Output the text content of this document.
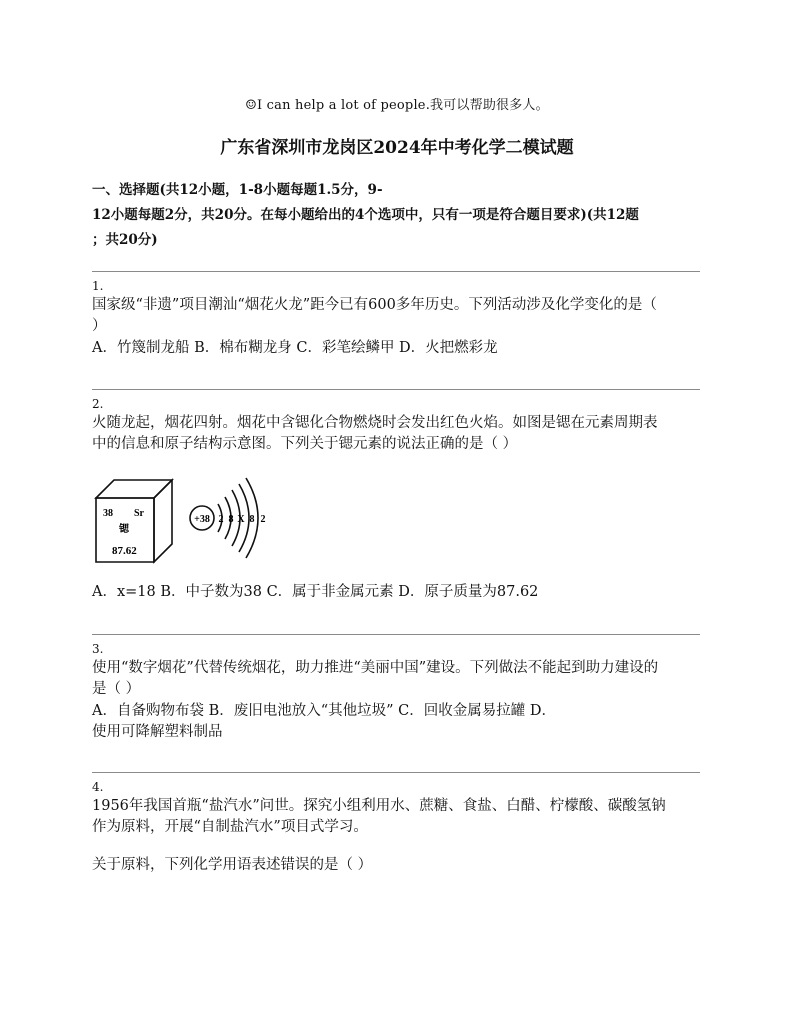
☺I can help a lot of people.我可以帮助很多人。
广东省深圳市龙岗区2024年中考化学二模试题
一、选择题(共12小题，1-8小题每题1.5分，9-
12小题每题2分，共20分。在每小题给出的4个选项中，只有一项是符合题目要求)(共12题
；共20分)
1.
国家级“非遗”项目潮汕“烟花火龙”距今已有600多年历史。下列活动涉及化学变化的是（
）
A．竹篾制龙船 B．棉布糊龙身 C．彩笔绘鳞甲 D．火把燃彩龙
2.
火随龙起，烟花四射。烟花中含锶化合物燃烧时会发出红色火焰。如图是锶在元素周期表
中的信息和原子结构示意图。下列关于锶元素的说法正确的是（ ）
38 Sr
锶
87.62
+38 2 8 X 8 2
A．x=18 B．中子数为38 C．属于非金属元素 D．原子质量为87.62
3.
使用“数字烟花”代替传统烟花，助力推进“美丽中国”建设。下列做法不能起到助力建设的
是（ ）
A．自备购物布袋 B．废旧电池放入“其他垃圾” C．回收金属易拉罐 D．
使用可降解塑料制品
4.
1956年我国首瓶“盐汽水”问世。探究小组利用水、蔗糖、食盐、白醋、柠檬酸、碳酸氢钠
作为原料，开展“自制盐汽水”项目式学习。
关于原料，下列化学用语表述错误的是（ ）
